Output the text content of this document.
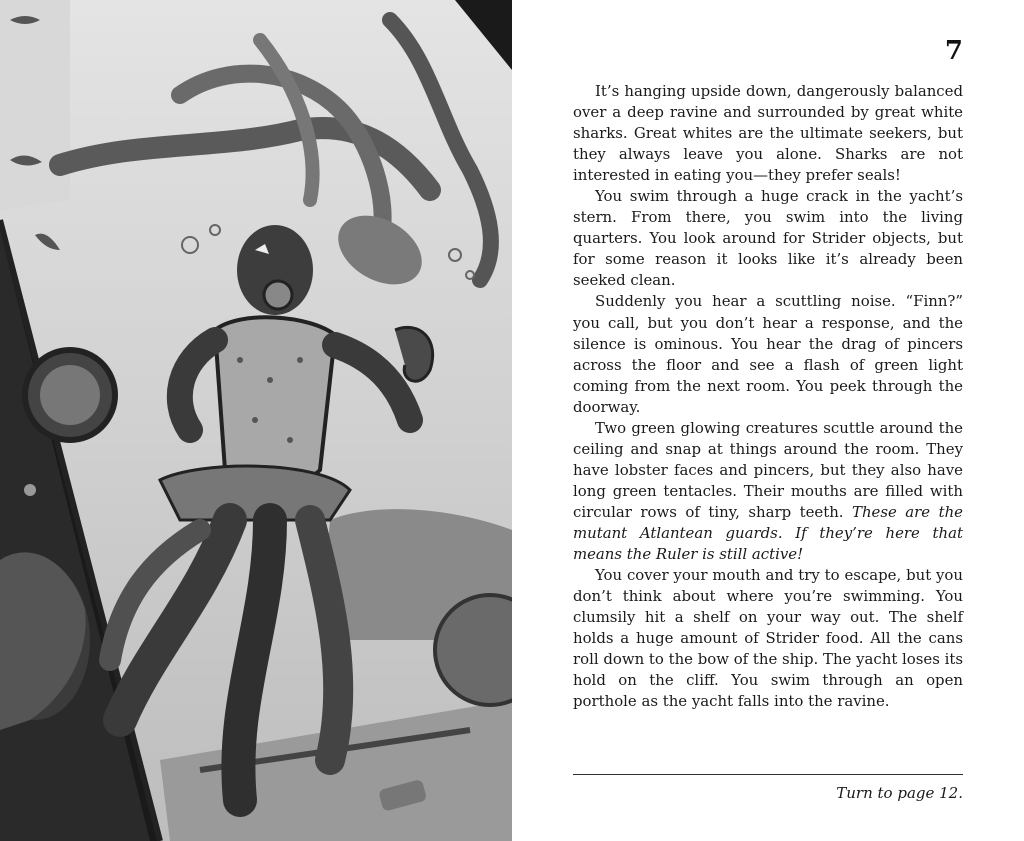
7

It’s hanging upside down, dangerously balanced over a deep ravine and surrounded by great white sharks. Great whites are the ultimate seekers, but they always leave you alone. Sharks are not interested in eating you—they prefer seals!

You swim through a huge crack in the yacht’s stern. From there, you swim into the living quarters. You look around for Strider objects, but for some reason it looks like it’s already been seeked clean.

Suddenly you hear a scuttling noise. “Finn?” you call, but you don’t hear a response, and the silence is ominous. You hear the drag of pincers across the floor and see a flash of green light coming from the next room. You peek through the doorway.

Two green glowing creatures scuttle around the ceiling and snap at things around the room. They have lobster faces and pincers, but they also have long green tentacles. Their mouths are filled with circular rows of tiny, sharp teeth. These are the mutant Atlantean guards. If they’re here that means the Ruler is still active!

You cover your mouth and try to escape, but you don’t think about where you’re swimming. You clumsily hit a shelf on your way out. The shelf holds a huge amount of Strider food. All the cans roll down to the bow of the ship. The yacht loses its hold on the cliff. You swim through an open porthole as the yacht falls into the ravine.

Turn to page 12.
